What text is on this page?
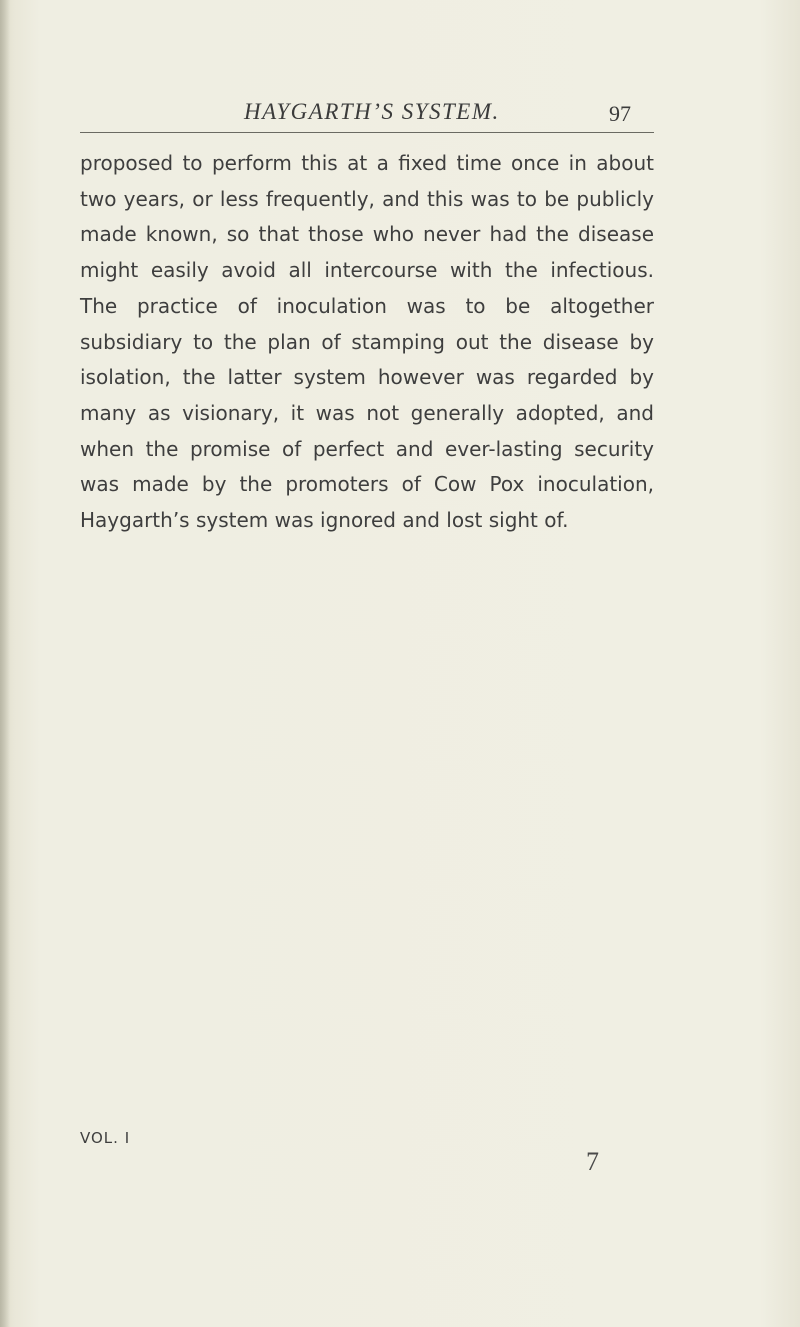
HAYGARTH’S SYSTEM.	97

proposed to perform this at a fixed time once in about two years, or less frequently, and this was to be publicly made known, so that those who never had the disease might easily avoid all intercourse with the infectious. The practice of inoculation was to be altogether subsidiary to the plan of stamping out the disease by isolation, the latter system however was regarded by many as visionary, it was not generally adopted, and when the promise of perfect and ever-lasting security was made by the promoters of Cow Pox inoculation, Haygarth’s system was ignored and lost sight of.

VOL. I
7
